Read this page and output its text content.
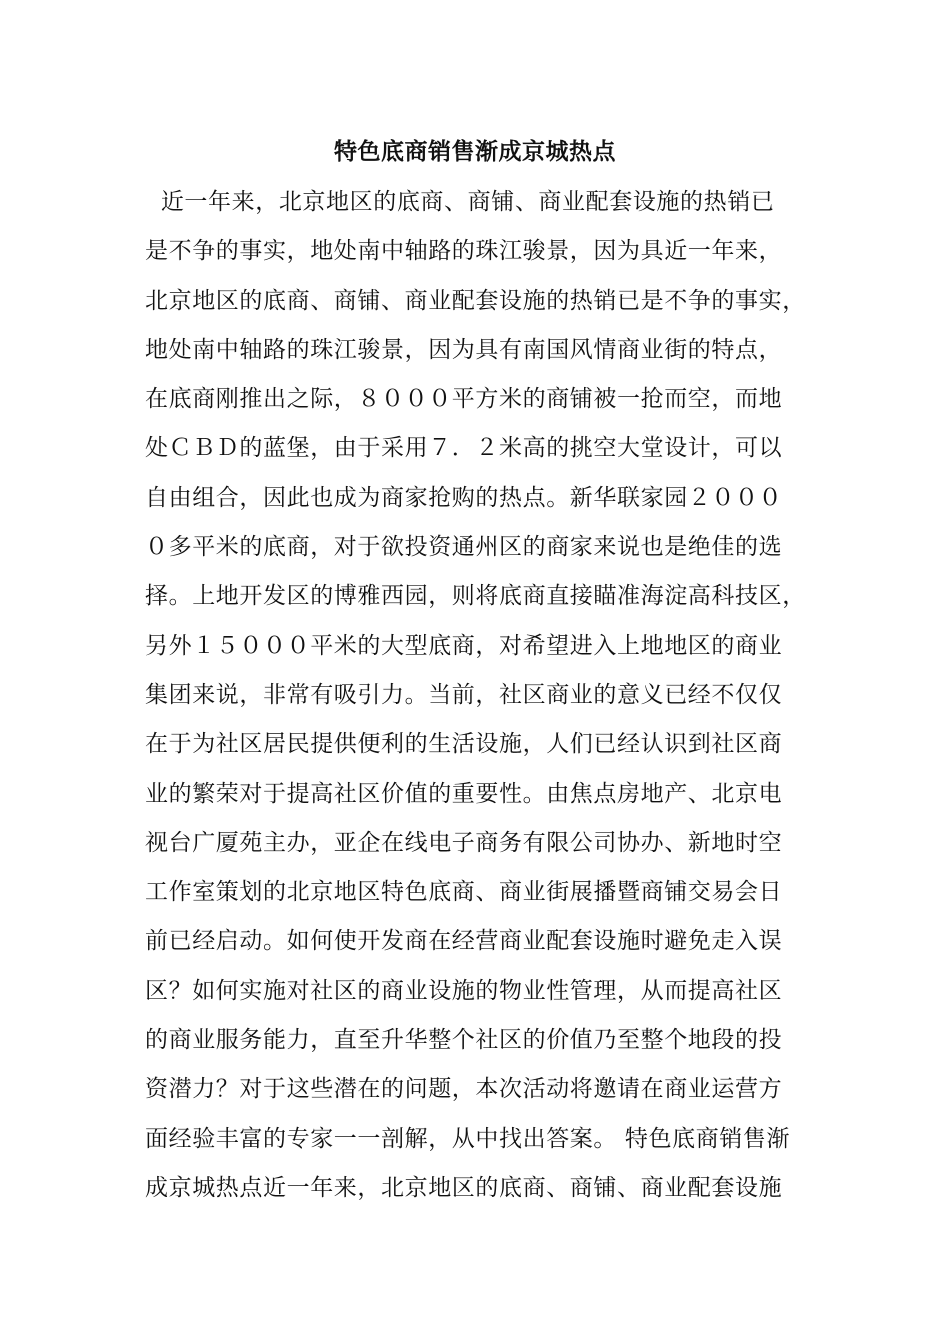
特色底商销售渐成京城热点
近一年来，北京地区的底商、商铺、商业配套设施的热销已
是不争的事实，地处南中轴路的珠江骏景，因为具近一年来，
北京地区的底商、商铺、商业配套设施的热销已是不争的事实，
地处南中轴路的珠江骏景，因为具有南国风情商业街的特点，
在底商刚推出之际，８０００平方米的商铺被一抢而空，而地
处ＣＢＤ的蓝堡，由于采用７．２米高的挑空大堂设计，可以
自由组合，因此也成为商家抢购的热点。新华联家园２０００
０多平米的底商，对于欲投资通州区的商家来说也是绝佳的选
择。上地开发区的博雅西园，则将底商直接瞄准海淀高科技区，
另外１５０００平米的大型底商，对希望进入上地地区的商业
集团来说，非常有吸引力。当前，社区商业的意义已经不仅仅
在于为社区居民提供便利的生活设施，人们已经认识到社区商
业的繁荣对于提高社区价值的重要性。由焦点房地产、北京电
视台广厦苑主办，亚企在线电子商务有限公司协办、新地时空
工作室策划的北京地区特色底商、商业街展播暨商铺交易会日
前已经启动。如何使开发商在经营商业配套设施时避免走入误
区？如何实施对社区的商业设施的物业性管理，从而提高社区
的商业服务能力，直至升华整个社区的价值乃至整个地段的投
资潜力？对于这些潜在的问题，本次活动将邀请在商业运营方
面经验丰富的专家一一剖解，从中找出答案。 特色底商销售渐
成京城热点近一年来，北京地区的底商、商铺、商业配套设施
